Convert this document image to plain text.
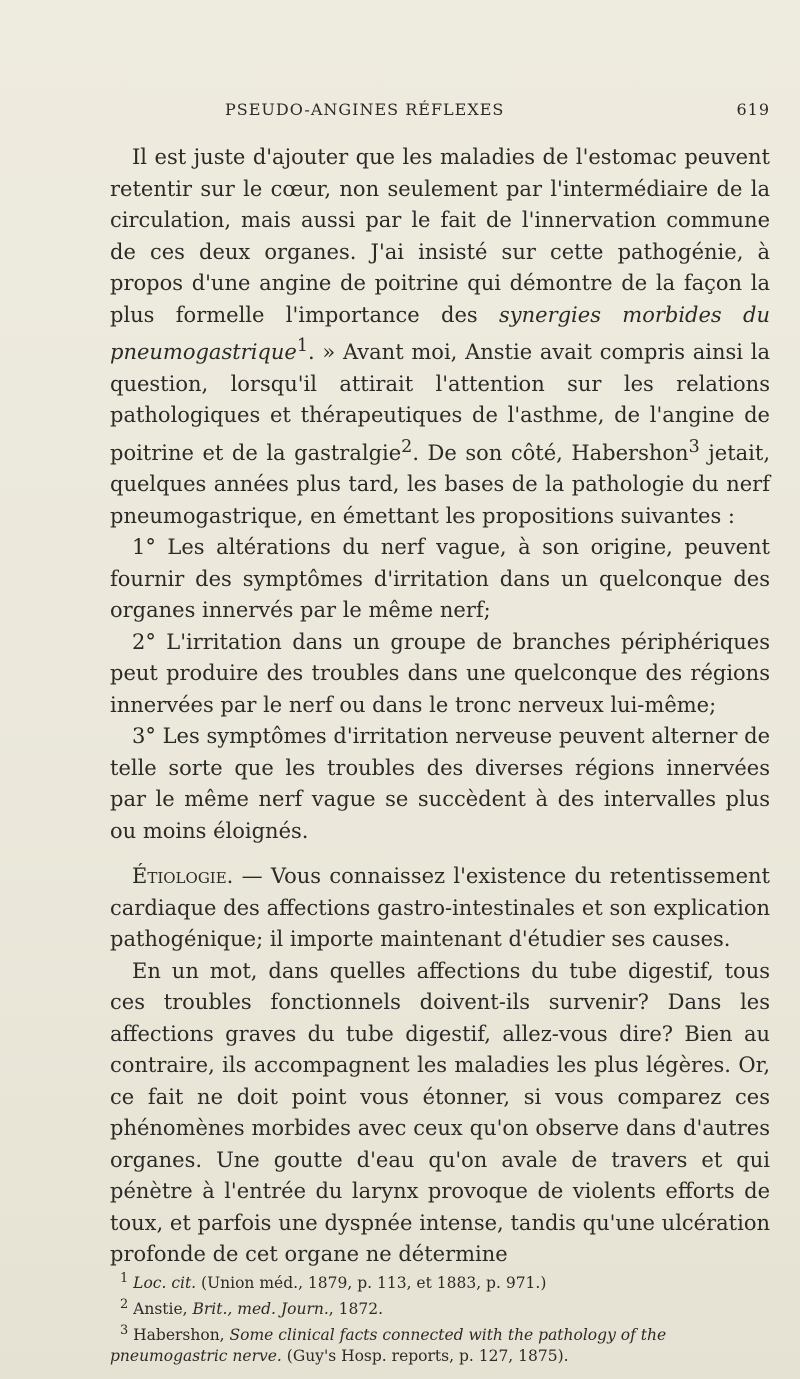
PSEUDO-ANGINES RÉFLEXES	619

Il est juste d'ajouter que les maladies de l'estomac peuvent retentir sur le cœur, non seulement par l'intermédiaire de la circulation, mais aussi par le fait de l'innervation commune de ces deux organes. J'ai insisté sur cette pathogénie, à propos d'une angine de poitrine qui démontre de la façon la plus formelle l'importance des synergies morbides du pneumogastrique$^1$. » Avant moi, Anstie avait compris ainsi la question, lorsqu'il attirait l'attention sur les relations pathologiques et thérapeutiques de l'asthme, de l'angine de poitrine et de la gastralgie$^2$. De son côté, Habershon$^3$ jetait, quelques années plus tard, les bases de la pathologie du nerf pneumogastrique, en émettant les propositions suivantes :

1° Les altérations du nerf vague, à son origine, peuvent fournir des symptômes d'irritation dans un quelconque des organes innervés par le même nerf;

2° L'irritation dans un groupe de branches périphériques peut produire des troubles dans une quelconque des régions innervées par le nerf ou dans le tronc nerveux lui-même;

3° Les symptômes d'irritation nerveuse peuvent alterner de telle sorte que les troubles des diverses régions innervées par le même nerf vague se succèdent à des intervalles plus ou moins éloignés.

Étiologie. — Vous connaissez l'existence du retentissement cardiaque des affections gastro-intestinales et son explication pathogénique; il importe maintenant d'étudier ses causes.

En un mot, dans quelles affections du tube digestif, tous ces troubles fonctionnels doivent-ils survenir? Dans les affections graves du tube digestif, allez-vous dire? Bien au contraire, ils accompagnent les maladies les plus légères. Or, ce fait ne doit point vous étonner, si vous comparez ces phénomènes morbides avec ceux qu'on observe dans d'autres organes. Une goutte d'eau qu'on avale de travers et qui pénètre à l'entrée du larynx provoque de violents efforts de toux, et parfois une dyspnée intense, tandis qu'une ulcération profonde de cet organe ne détermine

$^1$ Loc. cit. (Union méd., 1879, p. 113, et 1883, p. 971.)

$^2$ Anstie, Brit., med. Journ., 1872.

$^3$ Habershon, Some clinical facts connected with the pathology of the pneumogastric nerve. (Guy's Hosp. reports, p. 127, 1875).
